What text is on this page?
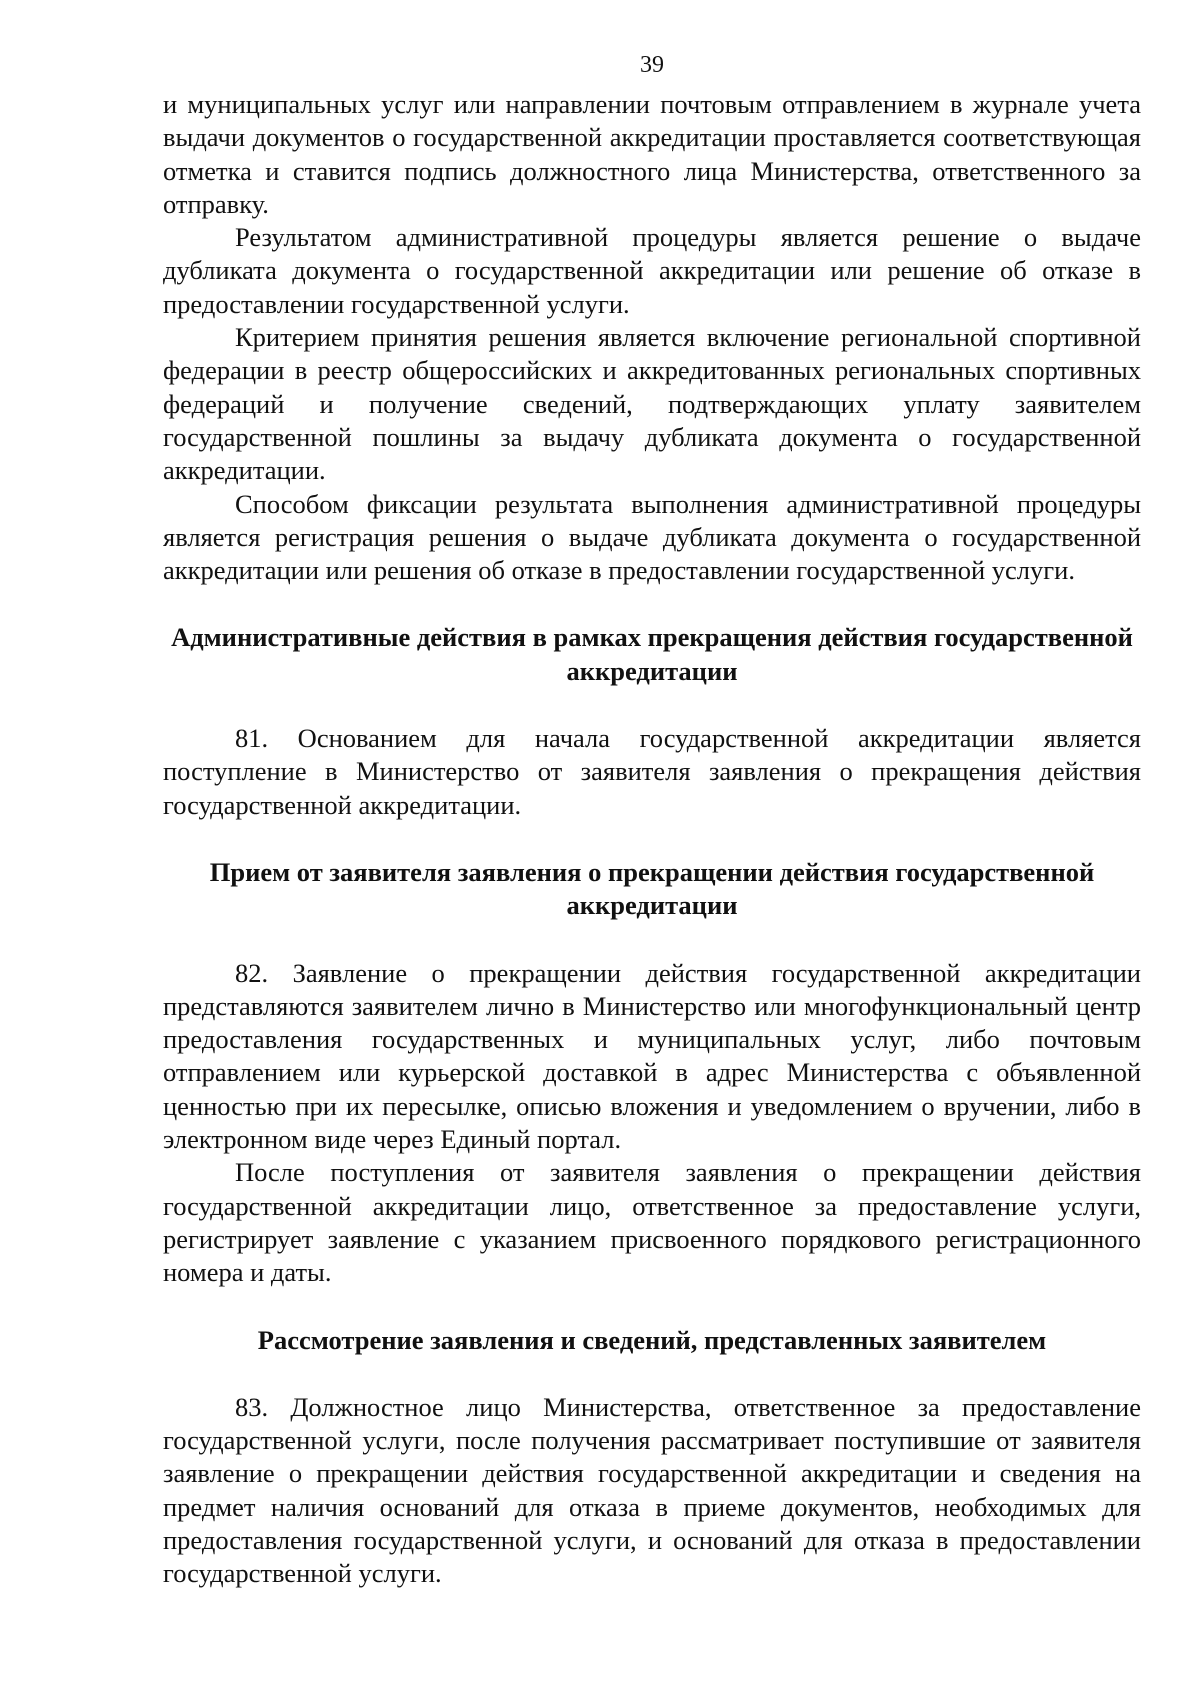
39

и муниципальных услуг или направлении почтовым отправлением в журнале учета выдачи документов о государственной аккредитации проставляется соответствующая отметка и ставится подпись должностного лица Министерства, ответственного за отправку.

Результатом административной процедуры является решение о выдаче дубликата документа о государственной аккредитации или решение об отказе в предоставлении государственной услуги.

Критерием принятия решения является включение региональной спортивной федерации в реестр общероссийских и аккредитованных региональных спортивных федераций и получение сведений, подтверждающих уплату заявителем государственной пошлины за выдачу дубликата документа о государственной аккредитации.

Способом фиксации результата выполнения административной процедуры является регистрация решения о выдаче дубликата документа о государственной аккредитации или решения об отказе в предоставлении государственной услуги.

Административные действия в рамках прекращения действия государственной аккредитации

81. Основанием для начала государственной аккредитации является поступление в Министерство от заявителя заявления о прекращения действия государственной аккредитации.

Прием от заявителя заявления о прекращении действия государственной аккредитации

82. Заявление о прекращении действия государственной аккредитации представляются заявителем лично в Министерство или многофункциональный центр предоставления государственных и муниципальных услуг, либо почтовым отправлением или курьерской доставкой в адрес Министерства с объявленной ценностью при их пересылке, описью вложения и уведомлением о вручении, либо в электронном виде через Единый портал.

После поступления от заявителя заявления о прекращении действия государственной аккредитации лицо, ответственное за предоставление услуги, регистрирует заявление с указанием присвоенного порядкового регистрационного номера и даты.

Рассмотрение заявления и сведений, представленных заявителем

83. Должностное лицо Министерства, ответственное за предоставление государственной услуги, после получения рассматривает поступившие от заявителя заявление о прекращении действия государственной аккредитации и сведения на предмет наличия оснований для отказа в приеме документов, необходимых для предоставления государственной услуги, и оснований для отказа в предоставлении государственной услуги.
